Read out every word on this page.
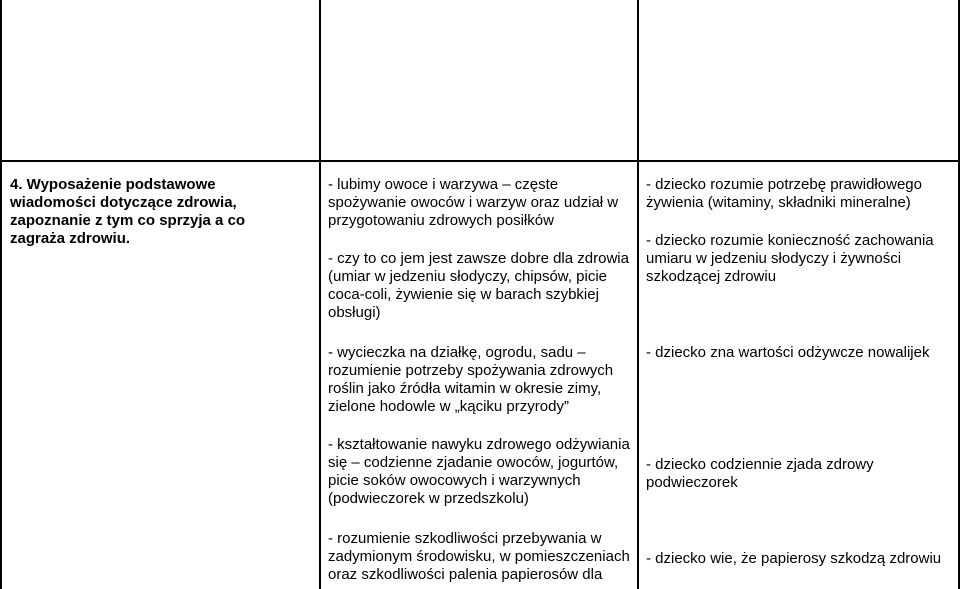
4. Wyposażenie podstawowe wiadomości dotyczące zdrowia, zapoznanie z tym co sprzyja a co zagraża zdrowiu.

- lubimy owoce i warzywa – częste spożywanie owoców i warzyw oraz udział w przygotowaniu zdrowych posiłków

- czy to co jem jest zawsze dobre dla zdrowia (umiar w jedzeniu słodyczy, chipsów, picie coca-coli, żywienie się w barach szybkiej obsługi)

- wycieczka na działkę, ogrodu, sadu – rozumienie potrzeby spożywania zdrowych roślin jako źródła witamin w okresie zimy, zielone hodowle w „kąciku przyrody”

- kształtowanie nawyku zdrowego odżywiania się – codzienne zjadanie owoców, jogurtów, picie soków owocowych i warzywnych (podwieczorek w przedszkolu)

- rozumienie szkodliwości przebywania w zadymionym środowisku, w pomieszczeniach oraz szkodliwości palenia papierosów dla

- dziecko rozumie potrzebę prawidłowego żywienia (witaminy, składniki mineralne)

- dziecko rozumie konieczność zachowania umiaru w jedzeniu słodyczy i żywności szkodzącej zdrowiu

- dziecko zna wartości odżywcze nowalijek

- dziecko codziennie zjada zdrowy podwieczorek

- dziecko wie, że papierosy szkodzą zdrowiu
